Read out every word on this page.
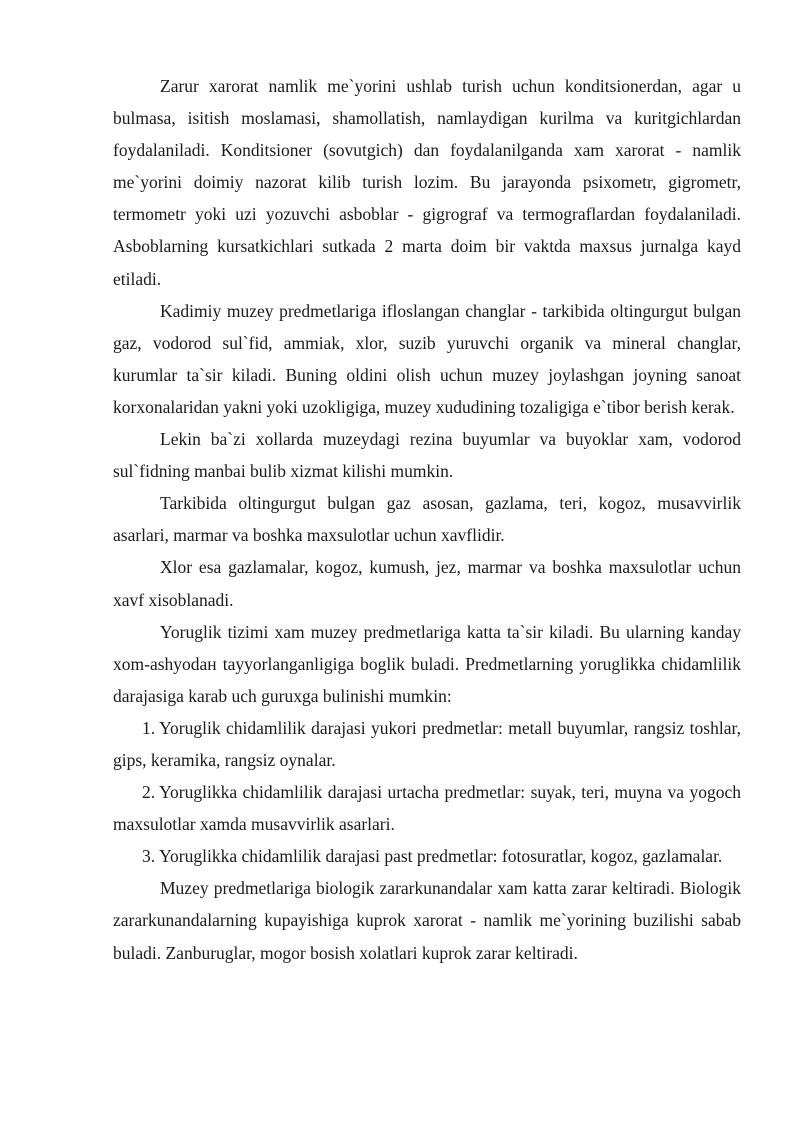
Zarur xarorat namlik me`yorini ushlab turish uchun konditsionerdan, agar u bulmasa, isitish moslamasi, shamollatish, namlaydigan kurilma va kuritgichlardan foydalaniladi. Konditsioner (sovutgich) dan foydalanilganda xam xarorat - namlik me`yorini doimiy nazorat kilib turish lozim. Bu jarayonda psixometr, gigrometr, termometr yoki uzi yozuvchi asboblar - gigrograf va termograflardan foydalaniladi. Asboblarning kursatkichlari sutkada 2 marta doim bir vaktda maxsus jurnalga kayd etiladi.

Kadimiy muzey predmetlariga ifloslangan changlar - tarkibida oltingurgut bulgan gaz, vodorod sul`fid, ammiak, xlor, suzib yuruvchi organik va mineral changlar, kurumlar ta`sir kiladi. Buning oldini olish uchun muzey joylashgan joyning sanoat korxonalaridan yakni yoki uzokligiga, muzey xududining tozaligiga e`tibor berish kerak.

Lekin ba`zi xollarda muzeydagi rezina buyumlar va buyoklar xam, vodorod sul`fidning manbai bulib xizmat kilishi mumkin.

Tarkibida oltingurgut bulgan gaz asosan, gazlama, teri, kogoz, musavvirlik asarlari, marmar va boshka maxsulotlar uchun xavflidir.

Xlor esa gazlamalar, kogoz, kumush, jez, marmar va boshka maxsulotlar uchun xavf xisoblanadi.

Yoruglik tizimi xam muzey predmetlariga katta ta`sir kiladi. Bu ularning kanday xom-ashyodaн tayyorlanganligiga boglik buladi. Predmetlarning yoruglikka chidamlilik darajasiga karab uch guruxga bulinishi mumkin:

1. Yoruglik chidamlilik darajasi yukori predmetlar: metall buyumlar, rangsiz toshlar, gips, keramika, rangsiz oynalar.

2. Yoruglikka chidamlilik darajasi urtacha predmetlar: suyak, teri, muyna va yogoch maxsulotlar xamda musavvirlik asarlari.

3. Yoruglikka chidamlilik darajasi past predmetlar: fotosuratlar, kogoz, gazlamalar.

Muzey predmetlariga biologik zararkunandalar xam katta zarar keltiradi. Biologik zararkunandalarning kupayishiga kuprok xarorat - namlik me`yorining buzilishi sabab buladi. Zanburuglar, mogor bosish xolatlari kuprok zarar keltiradi.
